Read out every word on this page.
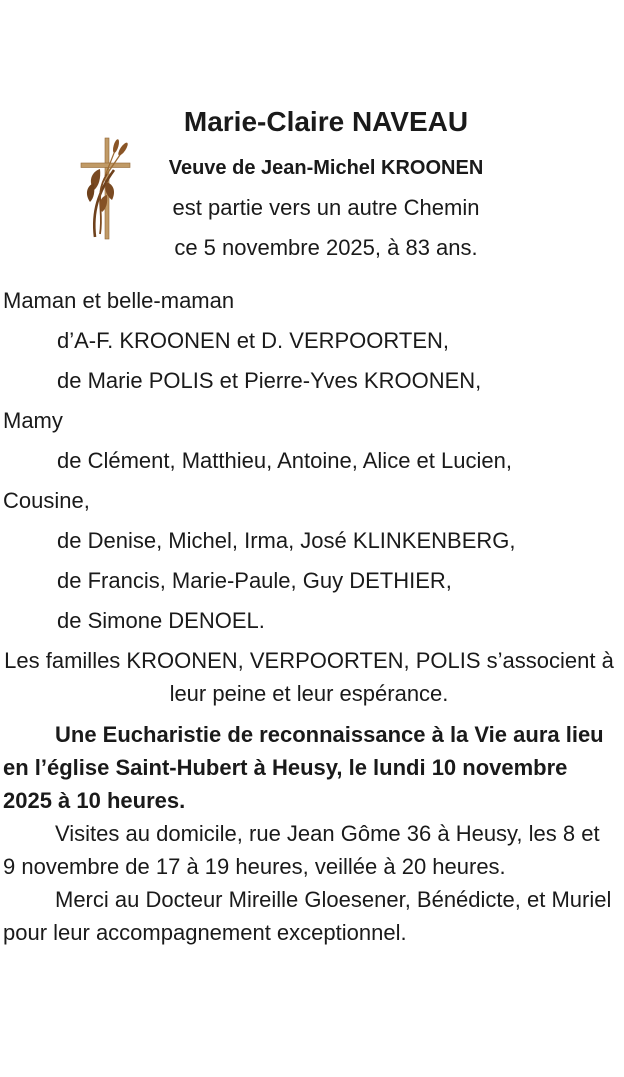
Marie-Claire NAVEAU
Veuve de Jean-Michel KROONEN
est partie vers un autre Chemin
ce 5 novembre 2025, à 83 ans.
Maman et belle-maman
d’A-F. KROONEN et D. VERPOORTEN,
de Marie POLIS et Pierre-Yves KROONEN,
Mamy
de Clément, Matthieu, Antoine, Alice et Lucien,
Cousine,
de Denise, Michel, Irma, José KLINKENBERG,
de Francis, Marie-Paule, Guy DETHIER,
de Simone DENOEL.
Les familles KROONEN, VERPOORTEN, POLIS s’associent à
leur peine et leur espérance.
Une Eucharistie de reconnaissance à la Vie aura lieu
en l’église Saint-Hubert à Heusy, le lundi 10 novembre
2025 à 10 heures.
Visites au domicile, rue Jean Gôme 36 à Heusy, les 8 et
9 novembre de 17 à 19 heures, veillée à 20 heures.
Merci au Docteur Mireille Gloesener, Bénédicte, et Muriel
pour leur accompagnement exceptionnel.
